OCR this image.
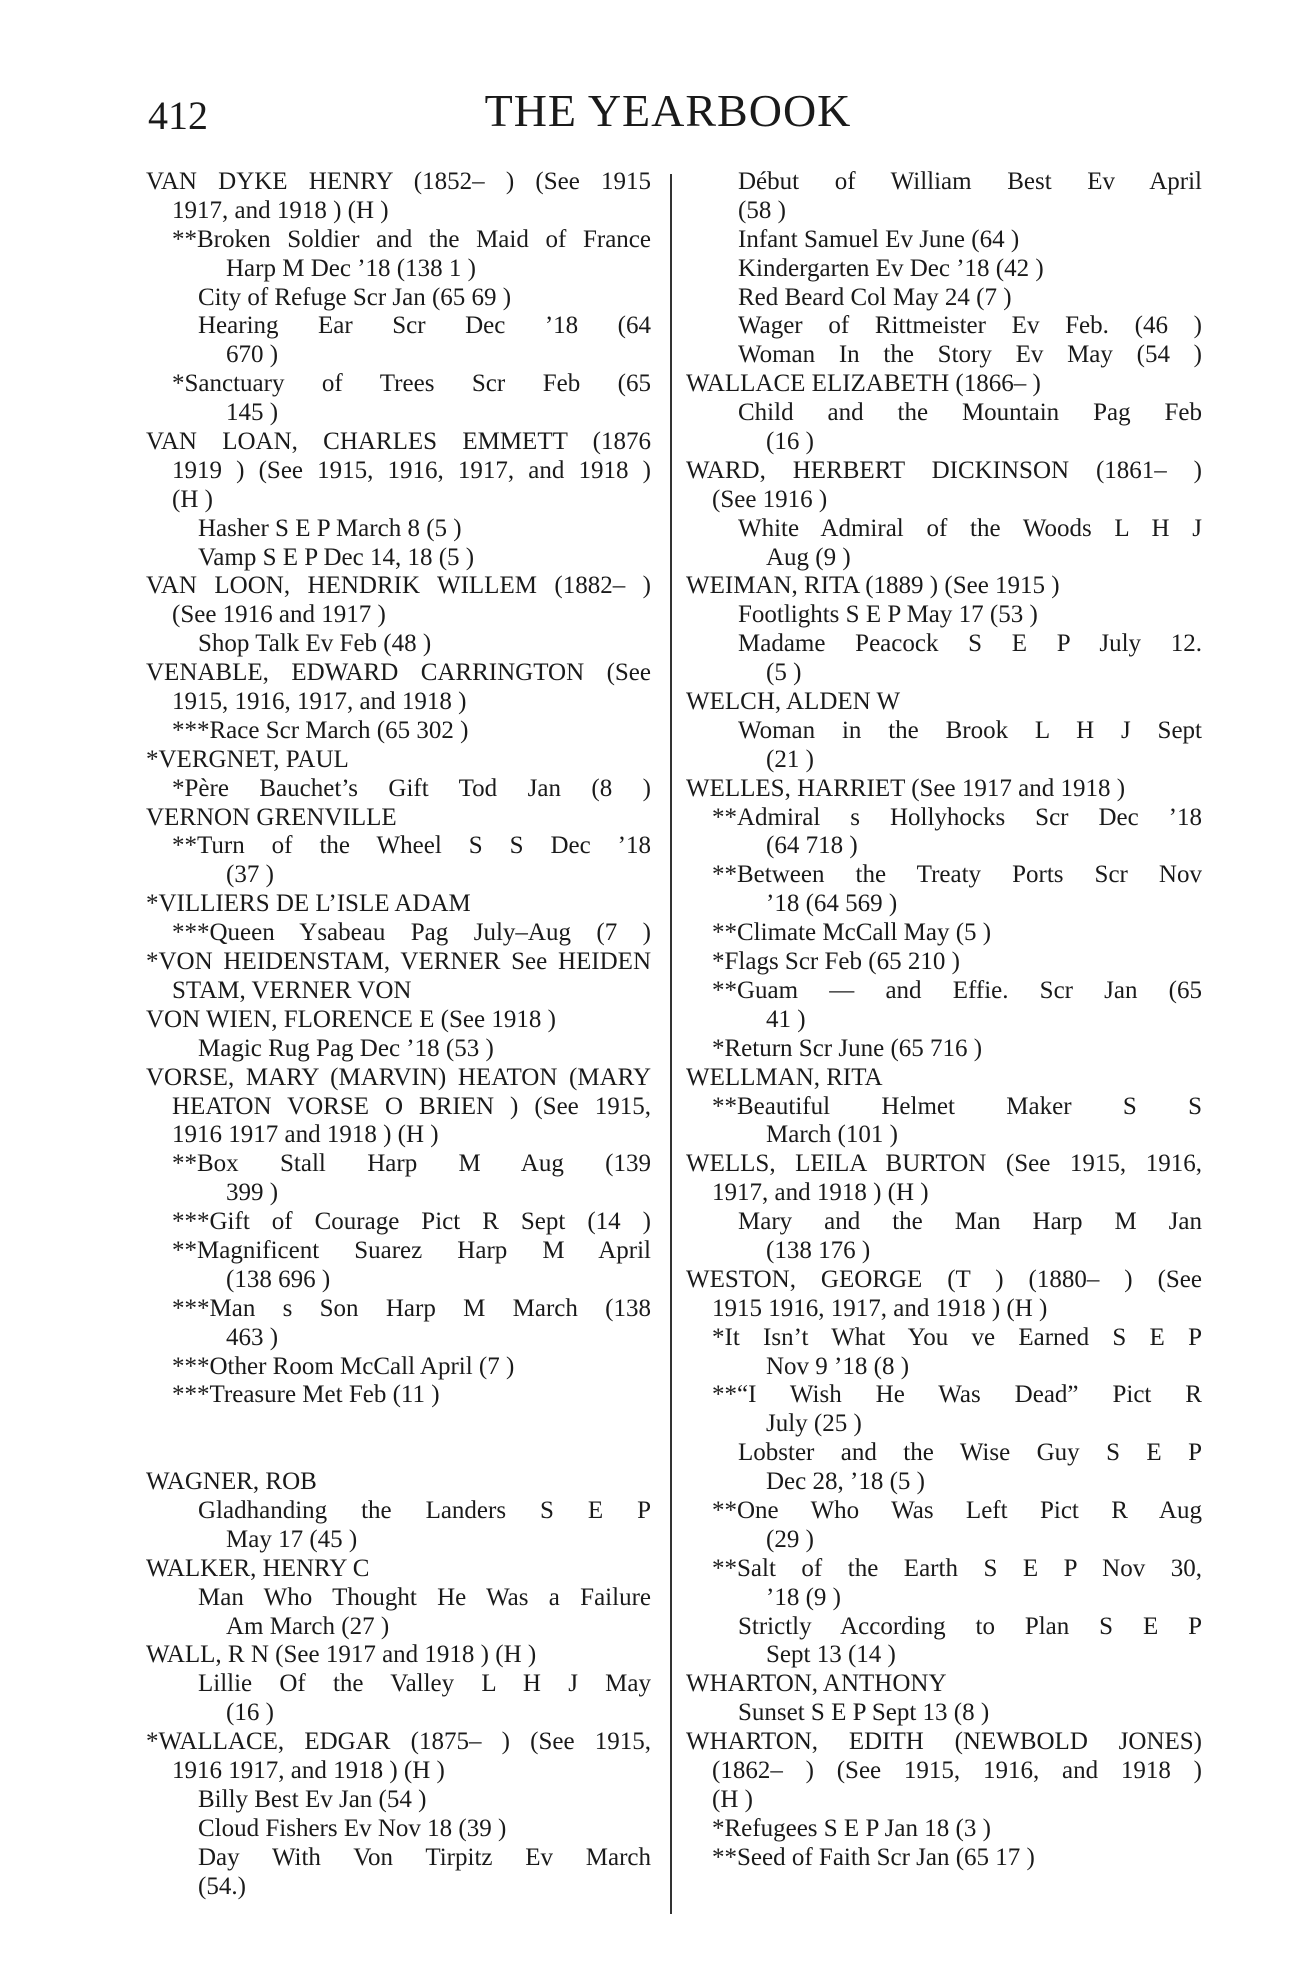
412	THE YEARBOOK
VAN DYKE HENRY (1852– ) (See 1915
1917, and 1918 ) (H )
**Broken Soldier and the Maid of France
Harp M Dec ’18 (138 1 )
City of Refuge Scr Jan (65 69 )
Hearing Ear Scr Dec ’18 (64
670 )
*Sanctuary of Trees Scr Feb (65
145 )
VAN LOAN, CHARLES EMMETT (1876
1919 ) (See 1915, 1916, 1917, and 1918 )
(H )
Hasher S E P March 8 (5 )
Vamp S E P Dec 14, 18 (5 )
VAN LOON, HENDRIK WILLEM (1882– )
(See 1916 and 1917 )
Shop Talk Ev Feb (48 )
VENABLE, EDWARD CARRINGTON (See
1915, 1916, 1917, and 1918 )
***Race Scr March (65 302 )
*VERGNET, PAUL
*Père Bauchet’s Gift Tod Jan (8 )
VERNON GRENVILLE
**Turn of the Wheel S S Dec ’18
(37 )
*VILLIERS DE L’ISLE ADAM
***Queen Ysabeau Pag July–Aug (7 )
*VON HEIDENSTAM, VERNER See HEIDEN
STAM, VERNER VON
VON WIEN, FLORENCE E (See 1918 )
Magic Rug Pag Dec ’18 (53 )
VORSE, MARY (MARVIN) HEATON (MARY
HEATON VORSE O BRIEN ) (See 1915,
1916 1917 and 1918 ) (H )
**Box Stall Harp M Aug (139
399 )
***Gift of Courage Pict R Sept (14 )
**Magnificent Suarez Harp M April
(138 696 )
***Man s Son Harp M March (138
463 )
***Other Room McCall April (7 )
***Treasure Met Feb (11 )
WAGNER, ROB
Gladhanding the Landers S E P
May 17 (45 )
WALKER, HENRY C
Man Who Thought He Was a Failure
Am March (27 )
WALL, R N (See 1917 and 1918 ) (H )
Lillie Of the Valley L H J May
(16 )
*WALLACE, EDGAR (1875– ) (See 1915,
1916 1917, and 1918 ) (H )
Billy Best Ev Jan (54 )
Cloud Fishers Ev Nov 18 (39 )
Day With Von Tirpitz Ev March
(54.)
Début of William Best Ev April
(58 )
Infant Samuel Ev June (64 )
Kindergarten Ev Dec ’18 (42 )
Red Beard Col May 24 (7 )
Wager of Rittmeister Ev Feb. (46 )
Woman In the Story Ev May (54 )
WALLACE ELIZABETH (1866– )
Child and the Mountain Pag Feb
(16 )
WARD, HERBERT DICKINSON (1861– )
(See 1916 )
White Admiral of the Woods L H J
Aug (9 )
WEIMAN, RITA (1889 ) (See 1915 )
Footlights S E P May 17 (53 )
Madame Peacock S E P July 12.
(5 )
WELCH, ALDEN W
Woman in the Brook L H J Sept
(21 )
WELLES, HARRIET (See 1917 and 1918 )
**Admiral s Hollyhocks Scr Dec ’18
(64 718 )
**Between the Treaty Ports Scr Nov
’18 (64 569 )
**Climate McCall May (5 )
*Flags Scr Feb (65 210 )
**Guam — and Effie. Scr Jan (65
41 )
*Return Scr June (65 716 )
WELLMAN, RITA
**Beautiful Helmet Maker S S
March (101 )
WELLS, LEILA BURTON (See 1915, 1916,
1917, and 1918 ) (H )
Mary and the Man Harp M Jan
(138 176 )
WESTON, GEORGE (T ) (1880– ) (See
1915 1916, 1917, and 1918 ) (H )
*It Isn’t What You ve Earned S E P
Nov 9 ’18 (8 )
**“I Wish He Was Dead” Pict R
July (25 )
Lobster and the Wise Guy S E P
Dec 28, ’18 (5 )
**One Who Was Left Pict R Aug
(29 )
**Salt of the Earth S E P Nov 30,
’18 (9 )
Strictly According to Plan S E P
Sept 13 (14 )
WHARTON, ANTHONY
Sunset S E P Sept 13 (8 )
WHARTON, EDITH (NEWBOLD JONES)
(1862– ) (See 1915, 1916, and 1918 )
(H )
*Refugees S E P Jan 18 (3 )
**Seed of Faith Scr Jan (65 17 )
